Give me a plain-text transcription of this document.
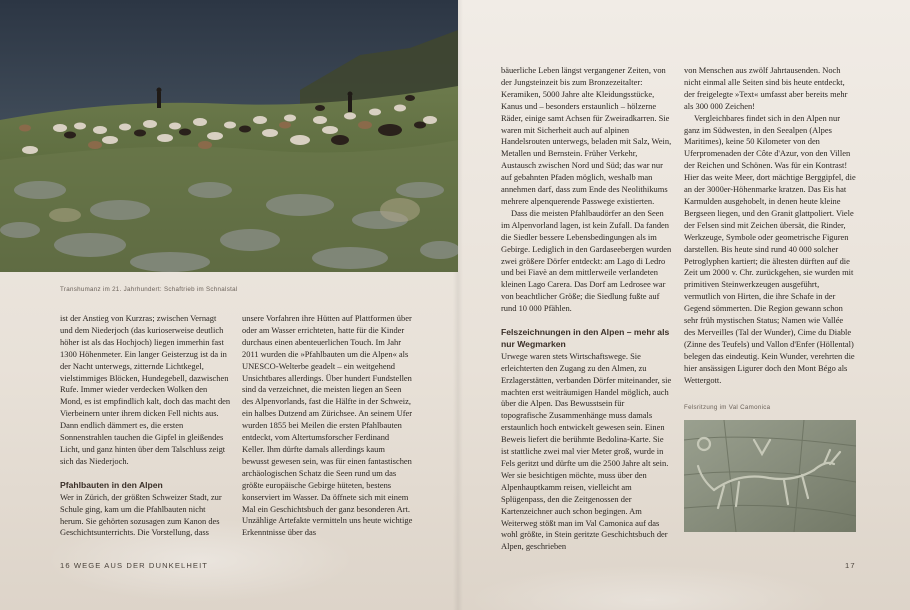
Transhumanz im 21. Jahrhundert: Schaftrieb im Schnalstal

ist der Anstieg von Kurzras; zwischen Vernagt und dem Niederjoch (das kurioserweise deutlich höher ist als das Hochjoch) liegen immerhin fast 1300 Höhenmeter. Ein langer Geisterzug ist da in der Nacht unterwegs, zitternde Lichtkegel, vielstimmiges Blöcken, Hundegebell, dazwischen Rufe. Immer wieder verdecken Wolken den Mond, es ist empfindlich kalt, doch das macht den Vierbeinern unter ihrem dicken Fell nichts aus. Dann endlich dämmert es, die ersten Sonnenstrahlen tauchen die Gipfel in gleißendes Licht, und ganz hinten über dem Talschluss zeigt sich das Niederjoch.

Pfahlbauten in den Alpen

Wer in Zürich, der größten Schweizer Stadt, zur Schule ging, kam um die Pfahlbauten nicht herum. Sie gehörten sozusagen zum Kanon des Geschichtsunterrichts. Die Vorstellung, dass

unsere Vorfahren ihre Hütten auf Plattformen über oder am Wasser errichteten, hatte für die Kinder durchaus einen abenteuerlichen Touch. Im Jahr 2011 wurden die »Pfahlbauten um die Alpen« als UNESCO-Welterbe geadelt – ein weitgehend Unsichtbares allerdings. Über hundert Fundstellen sind da verzeichnet, die meisten liegen an Seen des Alpenvorlands, fast die Hälfte in der Schweiz, ein halbes Dutzend am Zürichsee. An seinem Ufer wurden 1855 bei Meilen die ersten Pfahlbauten entdeckt, vom Altertumsforscher Ferdinand Keller. Ihm dürfte damals allerdings kaum bewusst gewesen sein, was für einen fantastischen archäologischen Schatz die Seen rund um das größte europäische Gebirge hüteten, bestens konserviert im Wasser. Da öffnete sich mit einem Mal ein Geschichtsbuch der ganz besonderen Art. Unzählige Artefakte vermitteln uns heute wichtige Erkenntnisse über das

16 WEGE AUS DER DUNKELHEIT

bäuerliche Leben längst vergangener Zeiten, von der Jungsteinzeit bis zum Bronzezeitalter: Keramiken, 5000 Jahre alte Kleidungsstücke, Kanus und – besonders erstaunlich – hölzerne Räder, einige samt Achsen für Zweiradkarren. Sie waren mit Sicherheit auch auf alpinen Handelsrouten unterwegs, beladen mit Salz, Wein, Metallen und Bernstein. Früher Verkehr, Austausch zwischen Nord und Süd; das war nur auf gebahnten Pfaden möglich, weshalb man annehmen darf, dass zum Ende des Neolithikums mehrere alpenquerende Passwege existierten.

Dass die meisten Pfahlbaudörfer an den Seen im Alpenvorland lagen, ist kein Zufall. Da fanden die Siedler bessere Lebensbedingungen als im Gebirge. Lediglich in den Gardaseebergen wurden zwei größere Dörfer entdeckt: am Lago di Ledro und bei Fiavè an dem mittlerweile verlandeten kleinen Lago Carera. Das Dorf am Ledrosee war von beachtlicher Größe; die Siedlung fußte auf rund 10 000 Pfählen.

Felszeichnungen in den Alpen – mehr als nur Wegmarken

Urwege waren stets Wirtschaftswege. Sie erleichterten den Zugang zu den Almen, zu Erzlagerstätten, verbanden Dörfer miteinander, sie machten erst weiträumigen Handel möglich, auch über die Alpen. Das Bewusstsein für topografische Zusammenhänge muss damals erstaunlich hoch entwickelt gewesen sein. Einen Beweis liefert die berühmte Bedolina-Karte. Sie ist stattliche zwei mal vier Meter groß, wurde in Fels geritzt und dürfte um die 2500 Jahre alt sein. Wer sie besichtigen möchte, muss über den Alpenhauptkamm reisen, vielleicht am Splügenpass, den die Zeitgenossen der Kartenzeichner auch schon begingen. Am Weiterweg stößt man im Val Camonica auf das wohl größte, in Stein geritzte Geschichtsbuch der Alpen, geschrieben

von Menschen aus zwölf Jahrtausenden. Noch nicht einmal alle Seiten sind bis heute entdeckt, der freigelegte »Text« umfasst aber bereits mehr als 300 000 Zeichen!

Vergleichbares findet sich in den Alpen nur ganz im Südwesten, in den Seealpen (Alpes Maritimes), keine 50 Kilometer von den Uferpromenaden der Côte d'Azur, von den Villen der Reichen und Schönen. Was für ein Kontrast! Hier das weite Meer, dort mächtige Berggipfel, die an der 3000er-Höhenmarke kratzen. Das Eis hat Karmulden ausgehobelt, in denen heute kleine Bergseen liegen, und den Granit glattpoliert. Viele der Felsen sind mit Zeichen übersät, die Rinder, Werkzeuge, Symbole oder geometrische Figuren darstellen. Bis heute sind rund 40 000 solcher Petroglyphen kartiert; die ältesten dürften auf die Zeit um 2000 v. Chr. zurückgehen, sie wurden mit primitiven Steinwerkzeugen ausgeführt, vermutlich von Hirten, die ihre Schafe in der Gegend sömmerten. Die Region gewann schon sehr früh mystischen Status; Namen wie Vallée des Merveilles (Tal der Wunder), Cime du Diable (Zinne des Teufels) und Vallon d'Enfer (Höllental) belegen das eindeutig. Kein Wunder, verehrten die hier ansässigen Ligurer doch den Mont Bégo als Wettergott.

Felsritzung im Val Camonica
17
